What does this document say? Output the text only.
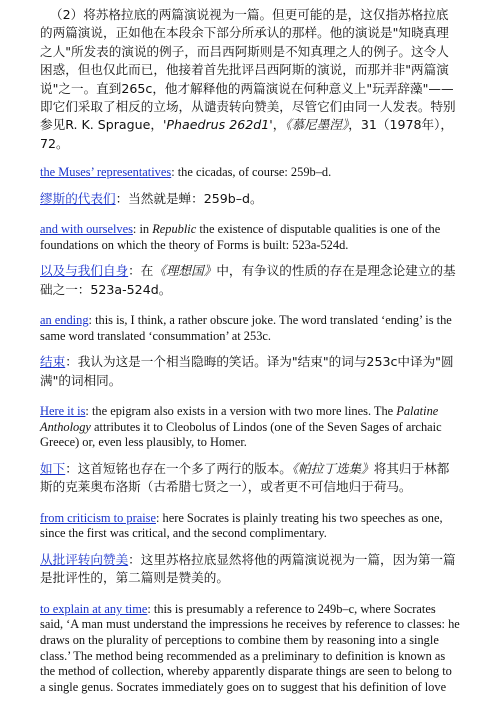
（2）将苏格拉底的两篇演说视为一篇。但更可能的是，这仅指苏格拉底的两篇演说，正如他在本段余下部分所承认的那样。他的演说是"知晓真理之人"所发表的演说的例子，而吕西阿斯则是不知真理之人的例子。这令人困惑，但也仅此而已，他接着首先批评吕西阿斯的演说，而那并非"两篇演说"之一。直到265c，他才解释他的两篇演说在何种意义上"玩弄辞藻"——即它们采取了相反的立场，从谴责转向赞美，尽管它们由同一人发表。特别参见R. K. Sprague，'Phaedrus 262d1'，《慕尼墨涅》，31（1978年），72。

the Muses’ representatives: the cicadas, of course: 259b–d.

缪斯的代表们：当然就是蝉：259b–d。

and with ourselves: in Republic the existence of disputable qualities is one of the foundations on which the theory of Forms is built: 523a-524d.

以及与我们自身：在《理想国》中，有争议的性质的存在是理念论建立的基础之一：523a-524d。

an ending: this is, I think, a rather obscure joke. The word translated ‘ending’ is the same word translated ‘consummation’ at 253c.

结束：我认为这是一个相当隐晦的笑话。译为"结束"的词与253c中译为"圆满"的词相同。

Here it is: the epigram also exists in a version with two more lines. The Palatine Anthology attributes it to Cleobolus of Lindos (one of the Seven Sages of archaic Greece) or, even less plausibly, to Homer.

如下：这首短铭也存在一个多了两行的版本。《帕拉丁选集》将其归于林都斯的克莱奥布洛斯（古希腊七贤之一），或者更不可信地归于荷马。

from criticism to praise: here Socrates is plainly treating his two speeches as one, since the first was critical, and the second complimentary.

从批评转向赞美：这里苏格拉底显然将他的两篇演说视为一篇，因为第一篇是批评性的，第二篇则是赞美的。

to explain at any time: this is presumably a reference to 249b–c, where Socrates said, ‘A man must understand the impressions he receives by reference to classes: he draws on the plurality of perceptions to combine them by reasoning into a single class.’ The method being recommended as a preliminary to definition is known as the method of collection, whereby apparently disparate things are seen to belong to a single genus. Socrates immediately goes on to suggest that his definition of love
